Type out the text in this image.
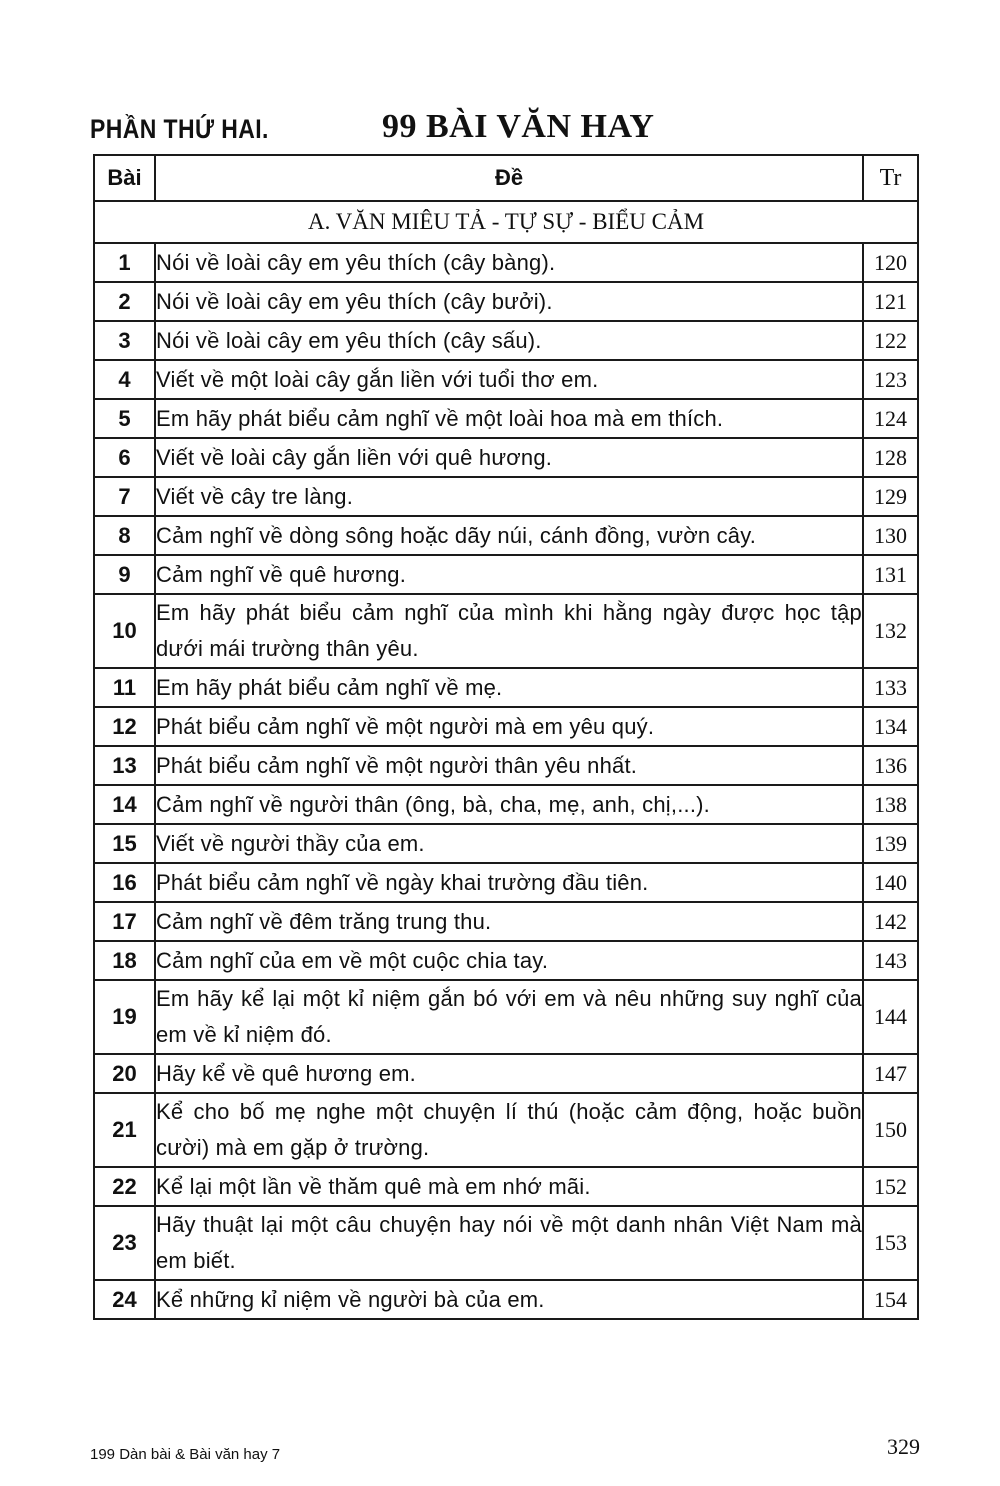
PHẦN THỨ HAI.	99 BÀI VĂN HAY
Bài	Đề	Tr
A. VĂN MIÊU TẢ - TỰ SỰ - BIỂU CẢM		
1	Nói về loài cây em yêu thích (cây bàng).	120
2	Nói về loài cây em yêu thích (cây bưởi).	121
3	Nói về loài cây em yêu thích (cây sấu).	122
4	Viết về một loài cây gắn liền với tuổi thơ em.	123
5	Em hãy phát biểu cảm nghĩ về một loài hoa mà em thích.	124
6	Viết về loài cây gắn liền với quê hương.	128
7	Viết về cây tre làng.	129
8	Cảm nghĩ về dòng sông hoặc dãy núi, cánh đồng, vườn cây.	130
9	Cảm nghĩ về quê hương.	131
10	Em hãy phát biểu cảm nghĩ của mình khi hằng ngày được học tập dưới mái trường thân yêu.	132
11	Em hãy phát biểu cảm nghĩ về mẹ.	133
12	Phát biểu cảm nghĩ về một người mà em yêu quý.	134
13	Phát biểu cảm nghĩ về một người thân yêu nhất.	136
14	Cảm nghĩ về người thân (ông, bà, cha, mẹ, anh, chị,...).	138
15	Viết về người thầy của em.	139
16	Phát biểu cảm nghĩ về ngày khai trường đầu tiên.	140
17	Cảm nghĩ về đêm trăng trung thu.	142
18	Cảm nghĩ của em về một cuộc chia tay.	143
19	Em hãy kể lại một kỉ niệm gắn bó với em và nêu những suy nghĩ của em về kỉ niệm đó.	144
20	Hãy kể về quê hương em.	147
21	Kể cho bố mẹ nghe một chuyện lí thú (hoặc cảm động, hoặc buồn cười) mà em gặp ở trường.	150
22	Kể lại một lần về thăm quê mà em nhớ mãi.	152
23	Hãy thuật lại một câu chuyện hay nói về một danh nhân Việt Nam mà em biết.	153
24	Kể những kỉ niệm về người bà của em.	154
199 Dàn bài & Bài văn hay 7	329
